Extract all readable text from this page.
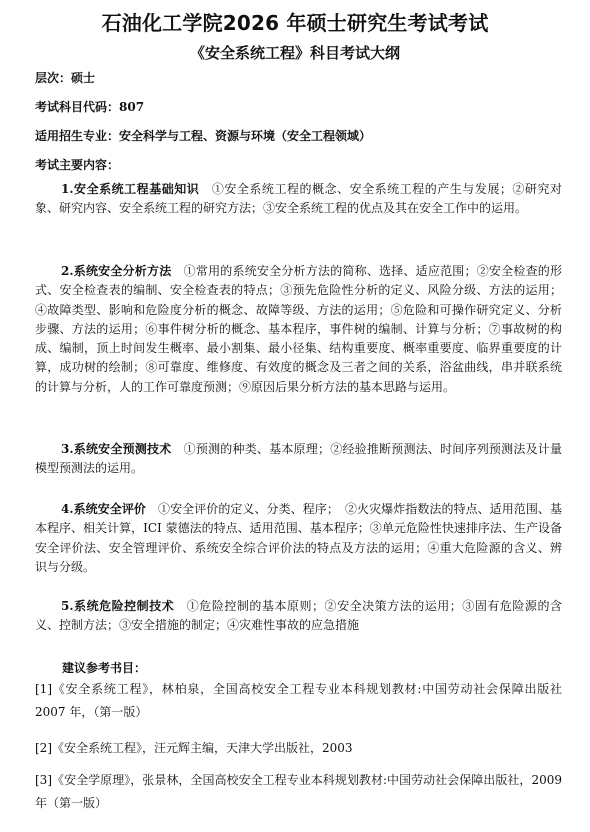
石油化工学院2026 年硕士研究生考试考试
《安全系统工程》科目考试大纲
层次：硕士
考试科目代码：807
适用招生专业：安全科学与工程、资源与环境（安全工程领域）
考试主要内容：
1.安全系统工程基础知识　 ①安全系统工程的概念、安全系统工程的产生与发展；②研究对象、研究内容、安全系统工程的研究方法；③安全系统工程的优点及其在安全工作中的运用。
2.系统安全分析方法　 ①常用的系统安全分析方法的简称、选择、适应范围；②安全检查的形式、安全检查表的编制、安全检查表的特点；③预先危险性分析的定义、风险分级、方法的运用；④故障类型、影响和危险度分析的概念、故障等级、方法的运用；⑤危险和可操作研究定义、分析步骤、方法的运用；⑥事件树分析的概念、基本程序，事件树的编制、计算与分析；⑦事故树的构成、编制，顶上时间发生概率、最小割集、最小径集、结构重要度、概率重要度、临界重要度的计算，成功树的绘制；⑧可靠度、维修度、有效度的概念及三者之间的关系，浴盆曲线，串并联系统的计算与分析，人的工作可靠度预测；⑨原因后果分析方法的基本思路与运用。
3.系统安全预测技术　 ①预测的种类、基本原理；②经验推断预测法、时间序列预测法及计量模型预测法的运用。
4.系统安全评价　 ①安全评价的定义、分类、程序；　②火灾爆炸指数法的特点、适用范围、基本程序、相关计算，ICI 蒙德法的特点、适用范围、基本程序；③单元危险性快速排序法、生产设备安全评价法、安全管理评价、系统安全综合评价法的特点及方法的运用；④重大危险源的含义、辨识与分级。
5.系统危险控制技术　 ①危险控制的基本原则；②安全决策方法的运用；③固有危险源的含义、控制方法；③安全措施的制定；④灾难性事故的应急措施
建议参考书目：
[1]《安全系统工程》，林柏泉，全国高校安全工程专业本科规划教材:中国劳动社会保障出版社 2007 年，（第一版）
[2]《安全系统工程》，汪元辉主编，天津大学出版社，2003
[3]《安全学原理》，张景林，全国高校安全工程专业本科规划教材:中国劳动社会保障出版社，2009 年（第一版）
